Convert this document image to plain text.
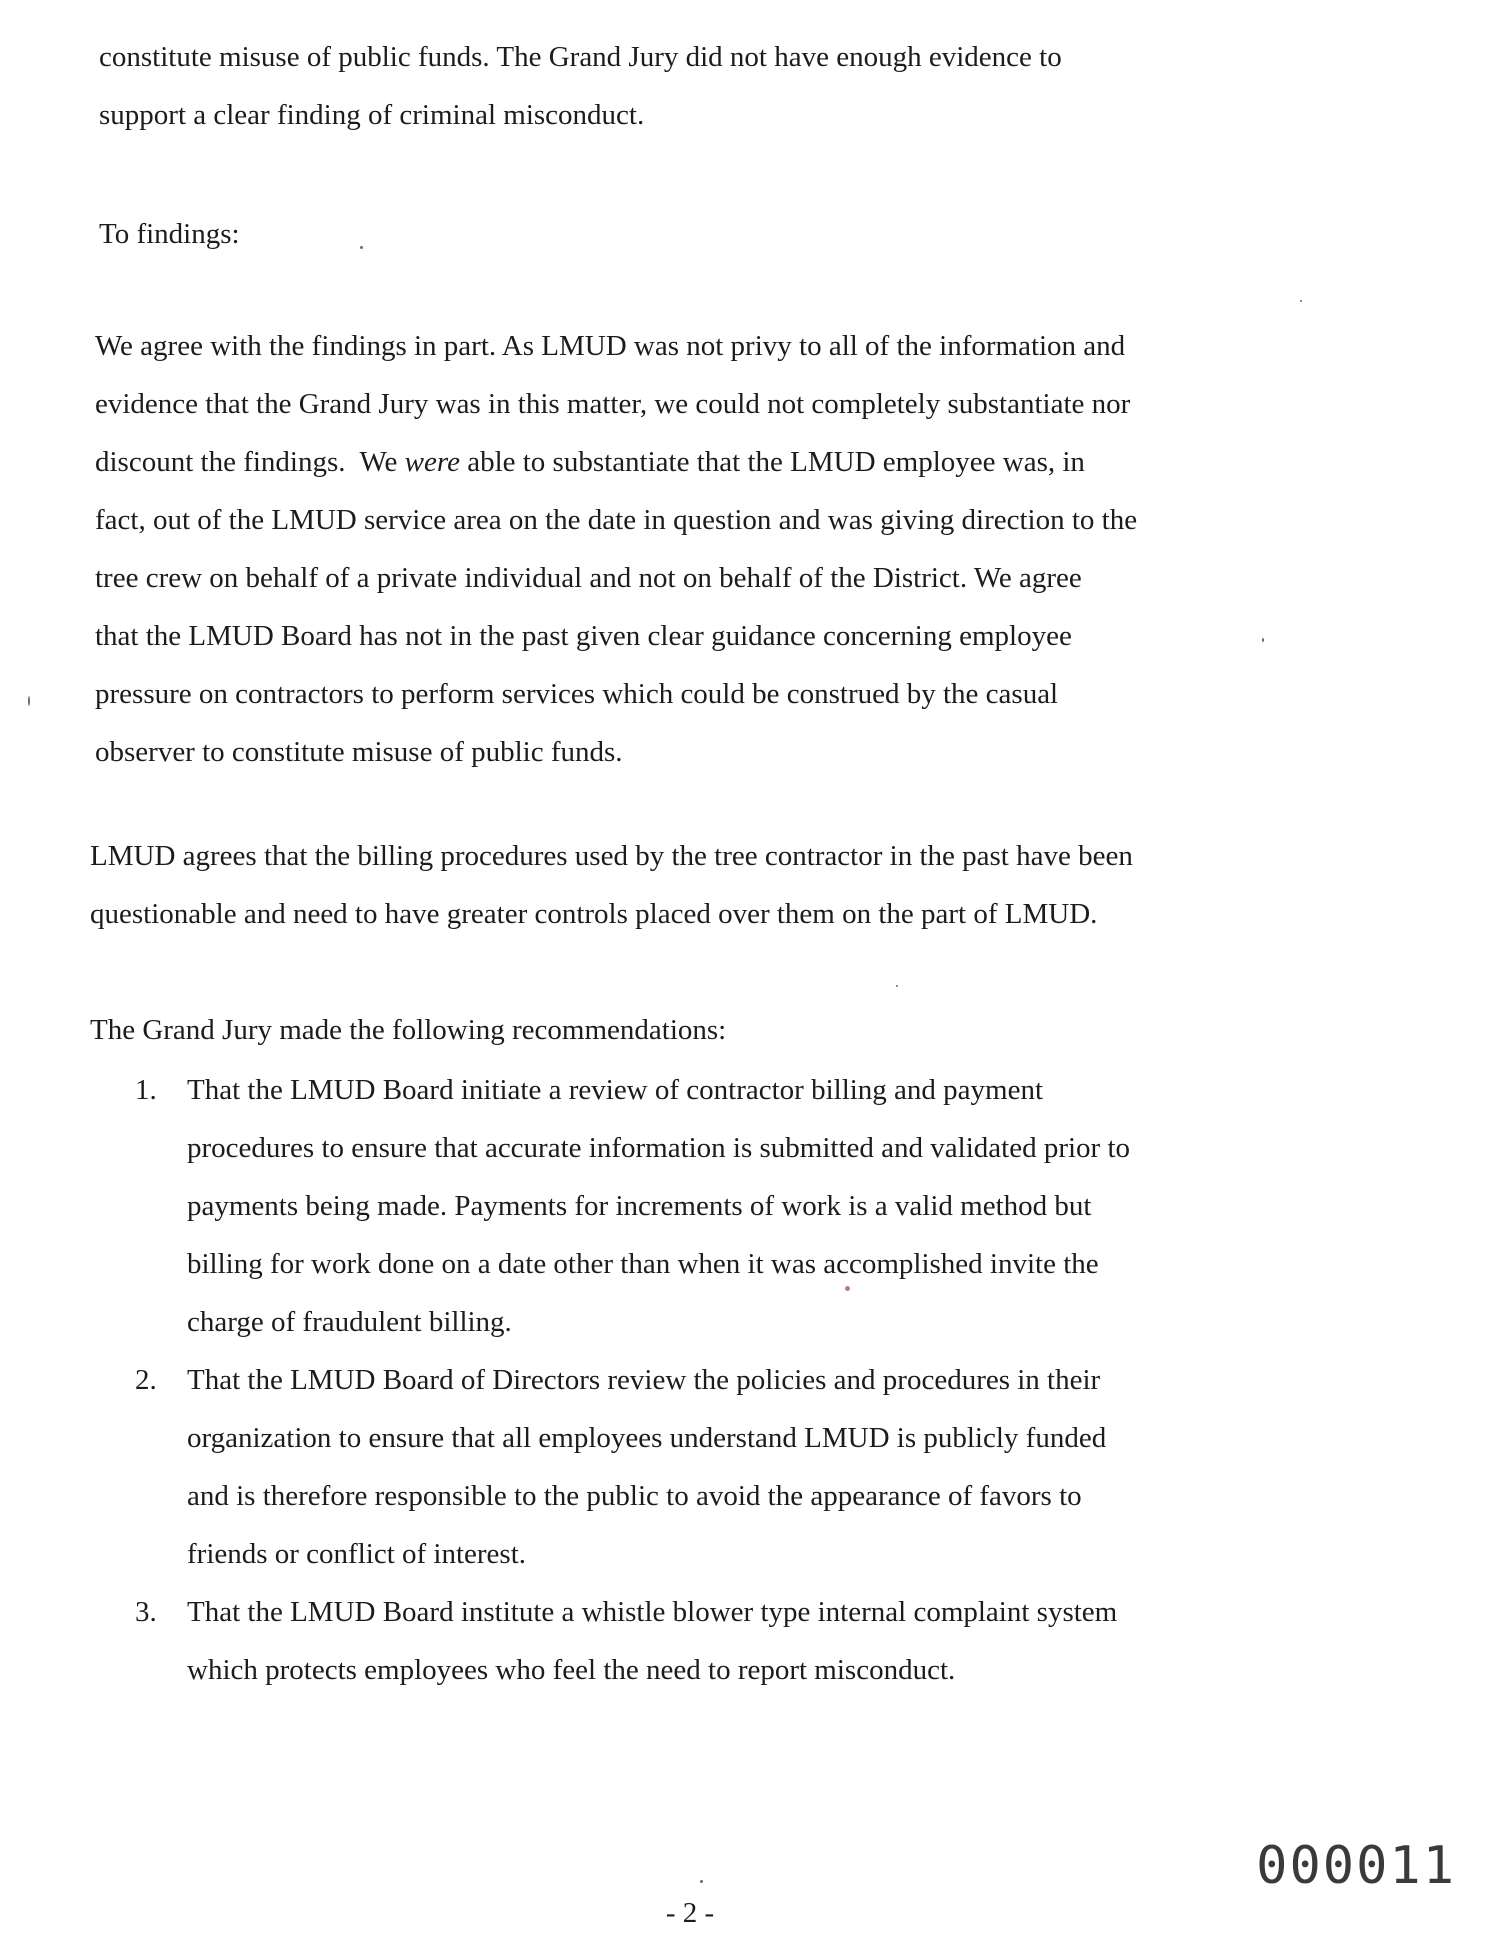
constitute misuse of public funds. The Grand Jury did not have enough evidence to
support a clear finding of criminal misconduct.

To findings:

We agree with the findings in part. As LMUD was not privy to all of the information and
evidence that the Grand Jury was in this matter, we could not completely substantiate nor
discount the findings.  We were able to substantiate that the LMUD employee was, in
fact, out of the LMUD service area on the date in question and was giving direction to the
tree crew on behalf of a private individual and not on behalf of the District. We agree
that the LMUD Board has not in the past given clear guidance concerning employee
pressure on contractors to perform services which could be construed by the casual
observer to constitute misuse of public funds.

LMUD agrees that the billing procedures used by the tree contractor in the past have been
questionable and need to have greater controls placed over them on the part of LMUD.

The Grand Jury made the following recommendations:

1. That the LMUD Board initiate a review of contractor billing and payment
procedures to ensure that accurate information is submitted and validated prior to
payments being made. Payments for increments of work is a valid method but
billing for work done on a date other than when it was accomplished invite the
charge of fraudulent billing.
2. That the LMUD Board of Directors review the policies and procedures in their
organization to ensure that all employees understand LMUD is publicly funded
and is therefore responsible to the public to avoid the appearance of favors to
friends or conflict of interest.
3. That the LMUD Board institute a whistle blower type internal complaint system
which protects employees who feel the need to report misconduct.
000011
- 2 -
